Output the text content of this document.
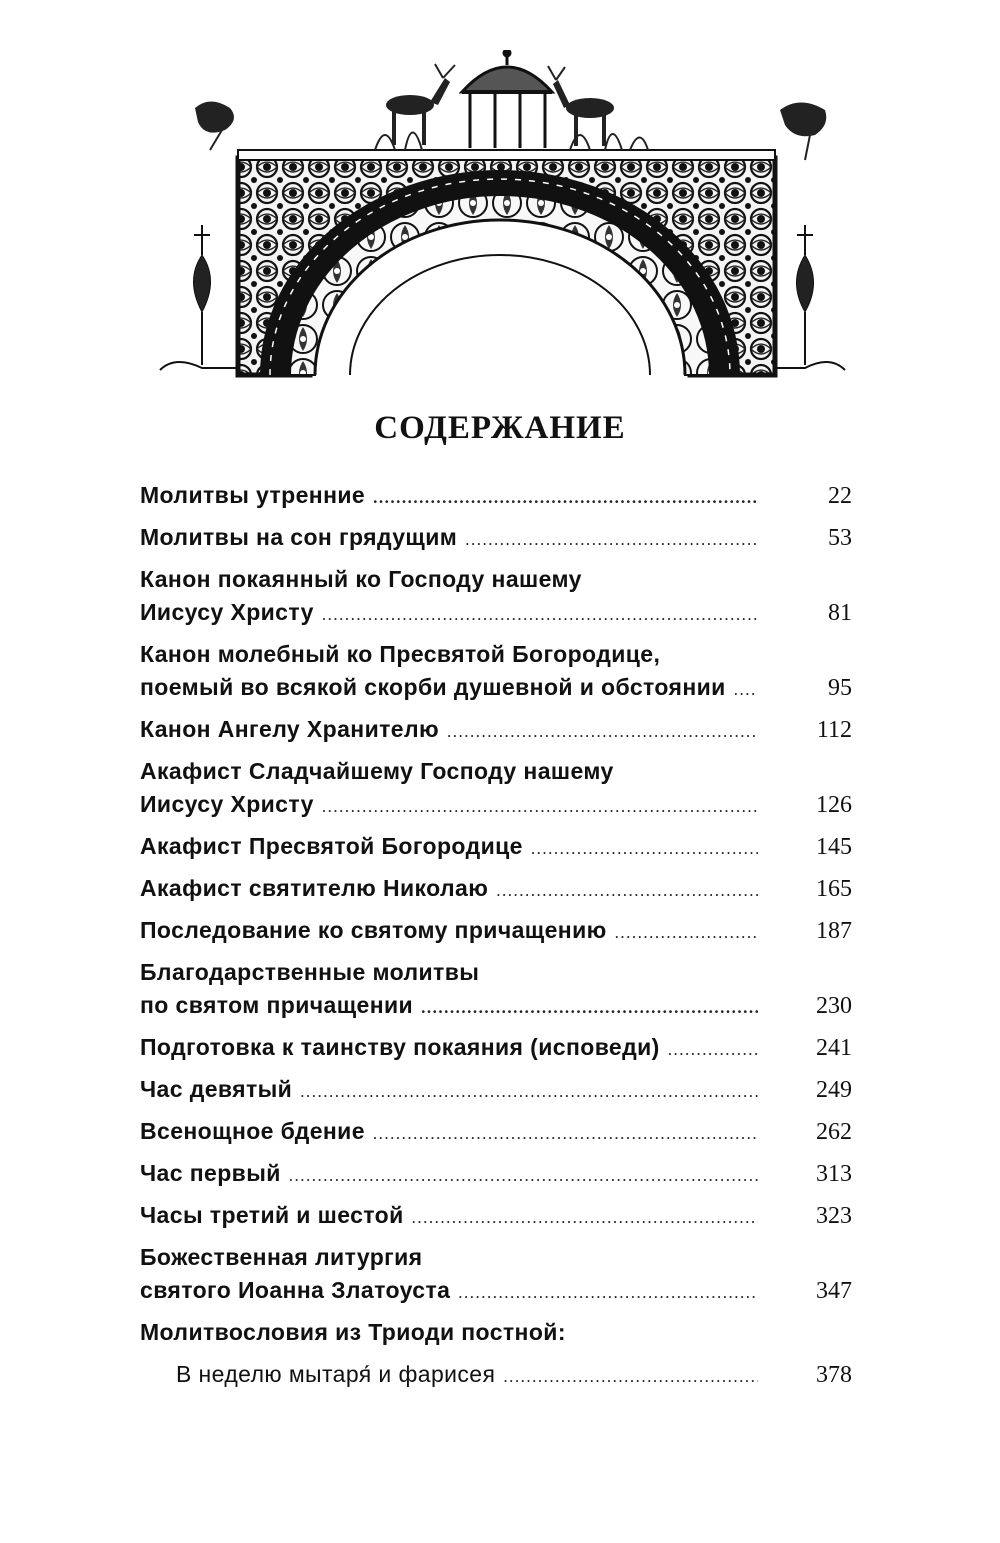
СОДЕРЖАНИЕ
Молитвы утренние .....	22
Молитвы на сон грядущим .....	53
Канон покаянный ко Господу нашему
Иисусу Христу .....	81
Канон молебный ко Пресвятой Богородице,
поемый во всякой скорби душевной и обстоянии .....	95
Канон Ангелу Хранителю .....	112
Акафист Сладчайшему Господу нашему
Иисусу Христу .....	126
Акафист Пресвятой Богородице .....	145
Акафист святителю Николаю .....	165
Последование ко святому причащению .....	187
Благодарственные молитвы
по святом причащении .....	230
Подготовка к таинству покаяния (исповеди) .....	241
Час девятый .....	249
Всенощное бдение .....	262
Час первый .....	313
Часы третий и шестой .....	323
Божественная литургия
святого Иоанна Златоуста .....	347
Молитвословия из Триоди постной:
В неделю мытаря́ и фарисея .....	378
